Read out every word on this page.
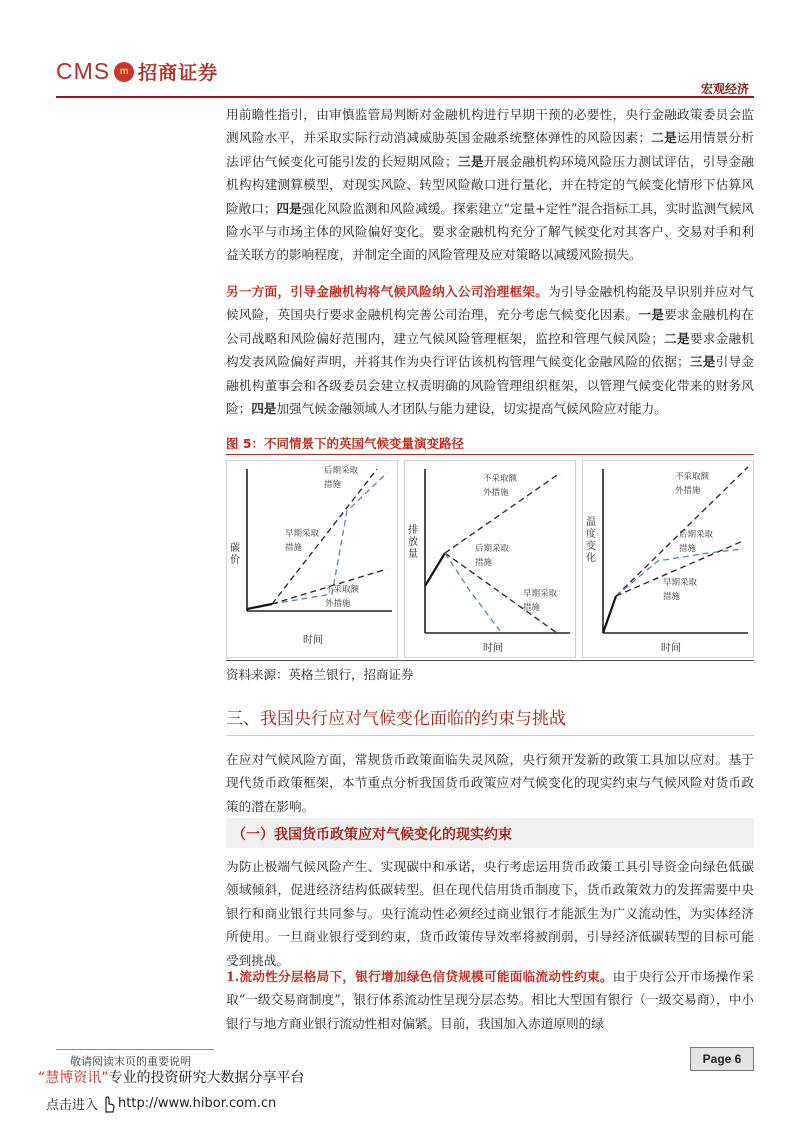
CMS m 招商证券
宏观经济
用前瞻性指引，由审慎监管局判断对金融机构进行早期干预的必要性，央行金融政策委员会监测风险水平，并采取实际行动消减威胁英国金融系统整体弹性的风险因素；二是运用情景分析法评估气候变化可能引发的长短期风险；三是开展金融机构环境风险压力测试评估，引导金融机构构建测算模型，对现实风险、转型风险敞口进行量化，并在特定的气候变化情形下估算风险敞口；四是强化风险监测和风险减缓。探索建立“定量+定性”混合指标工具，实时监测气候风险水平与市场主体的风险偏好变化。要求金融机构充分了解气候变化对其客户、交易对手和利益关联方的影响程度，并制定全面的风险管理及应对策略以减缓风险损失。
另一方面，引导金融机构将气候风险纳入公司治理框架。为引导金融机构能及早识别并应对气候风险，英国央行要求金融机构完善公司治理，充分考虑气候变化因素。一是要求金融机构在公司战略和风险偏好范围内，建立气候风险管理框架，监控和管理气候风险；二是要求金融机构发表风险偏好声明，并将其作为央行评估该机构管理气候变化金融风险的依据；三是引导金融机构董事会和各级委员会建立权责明确的风险管理组织框架，以管理气候变化带来的财务风险；四是加强气候金融领域人才团队与能力建设，切实提高气候风险应对能力。
图 5：不同情景下的英国气候变量演变路径
后期采取
措施
早期采取
措施
不采取额
外措施
时间
碳价
不采取额
外措施
后期采取
措施
早期采取
措施
时间
排放量
不采取额
外措施
后期采取
措施
早期采取
措施
时间
温度变化
资料来源：英格兰银行，招商证券
三、我国央行应对气候变化面临的约束与挑战
在应对气候风险方面，常规货币政策面临失灵风险，央行须开发新的政策工具加以应对。基于现代货币政策框架，本节重点分析我国货币政策应对气候变化的现实约束与气候风险对货币政策的潜在影响。
（一）我国货币政策应对气候变化的现实约束
为防止极端气候风险产生、实现碳中和承诺，央行考虑运用货币政策工具引导资金向绿色低碳领域倾斜，促进经济结构低碳转型。但在现代信用货币制度下，货币政策效力的发挥需要中央银行和商业银行共同参与。央行流动性必须经过商业银行才能派生为广义流动性，为实体经济所使用。一旦商业银行受到约束，货币政策传导效率将被削弱，引导经济低碳转型的目标可能受到挑战。
1.流动性分层格局下，银行增加绿色信贷规模可能面临流动性约束。由于央行公开市场操作采取“一级交易商制度”，银行体系流动性呈现分层态势。相比大型国有银行（一级交易商），中小银行与地方商业银行流动性相对偏紧。目前，我国加入赤道原则的绿
敬请阅读末页的重要说明	Page 6
“慧博资讯”专业的投资研究大数据分享平台
点击进入 http://www.hibor.com.cn
